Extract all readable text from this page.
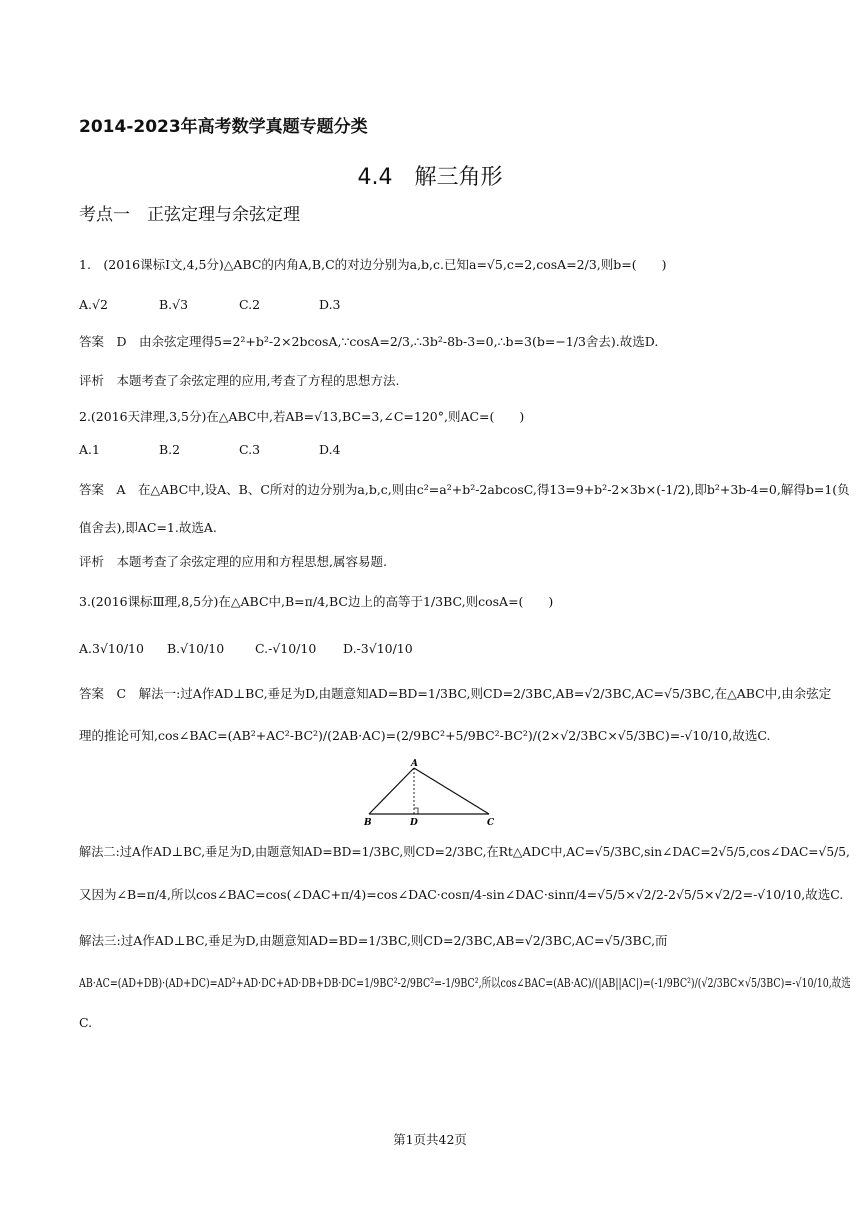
2014-2023年高考数学真题专题分类
4.4　解三角形
考点一　正弦定理与余弦定理
1.　(2016课标Ⅰ文,4,5分)△ABC的内角A,B,C的对边分别为a,b,c.已知a=√5,c=2,cosA=2/3,则b=(　　)
A.√2	B.√3	C.2	D.3
答案　D　由余弦定理得5=2²+b²-2×2bcosA,∵cosA=2/3,∴3b²-8b-3=0,∴b=3(b=−1/3舍去).故选D.
评析　本题考查了余弦定理的应用,考查了方程的思想方法.
2.(2016天津理,3,5分)在△ABC中,若AB=√13,BC=3,∠C=120°,则AC=(　　)
A.1	B.2	C.3	D.4
答案　A　在△ABC中,设A、B、C所对的边分别为a,b,c,则由c²=a²+b²-2abcosC,得13=9+b²-2×3b×(-1/2),即b²+3b-4=0,解得b=1(负
值舍去),即AC=1.故选A.
评析　本题考查了余弦定理的应用和方程思想,属容易题.
3.(2016课标Ⅲ理,8,5分)在△ABC中,B=π/4,BC边上的高等于1/3BC,则cosA=(　　)
A.3√10/10 B.√10/10 C.-√10/10 D.-3√10/10
答案　C　解法一:过A作AD⊥BC,垂足为D,由题意知AD=BD=1/3BC,则CD=2/3BC,AB=√2/3BC,AC=√5/3BC,在△ABC中,由余弦定
理的推论可知,cos∠BAC=(AB²+AC²-BC²)/(2AB·AC)=(2/9BC²+5/9BC²-BC²)/(2×√2/3BC×√5/3BC)=-√10/10,故选C.
A
B	D	C
解法二:过A作AD⊥BC,垂足为D,由题意知AD=BD=1/3BC,则CD=2/3BC,在Rt△ADC中,AC=√5/3BC,sin∠DAC=2√5/5,cos∠DAC=√5/5,
又因为∠B=π/4,所以cos∠BAC=cos(∠DAC+π/4)=cos∠DAC·cosπ/4-sin∠DAC·sinπ/4=√5/5×√2/2-2√5/5×√2/2=-√10/10,故选C.
解法三:过A作AD⊥BC,垂足为D,由题意知AD=BD=1/3BC,则CD=2/3BC,AB=√2/3BC,AC=√5/3BC,而
AB·AC=(AD+DB)·(AD+DC)=AD²+AD·DC+AD·DB+DB·DC=1/9BC²-2/9BC²=-1/9BC²,所以cos∠BAC=(AB·AC)/(|AB||AC|)=(-1/9BC²)/(√2/3BC×√5/3BC)=-√10/10,故选
C.
第1页共42页
